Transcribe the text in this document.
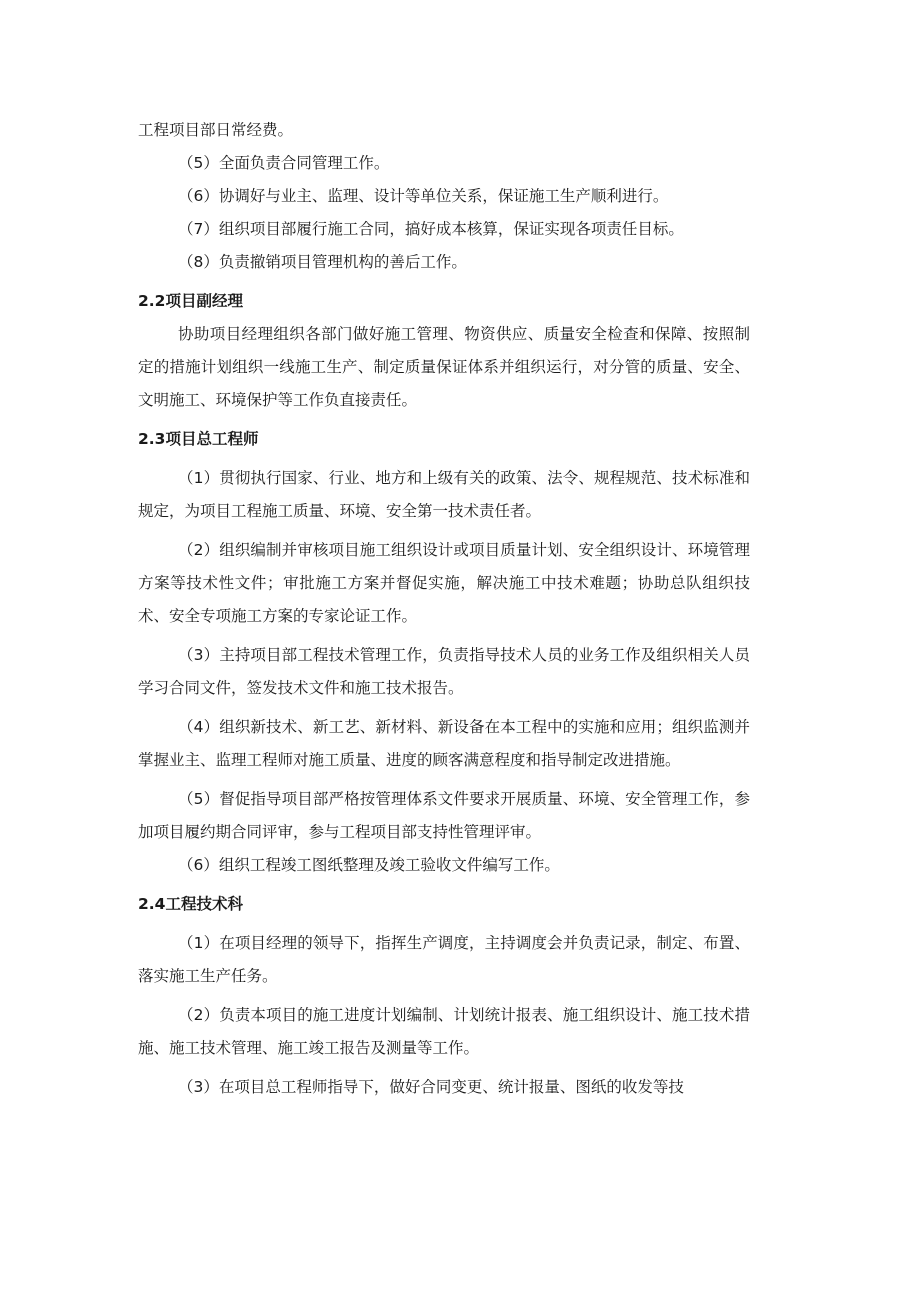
工程项目部日常经费。

（5）全面负责合同管理工作。

（6）协调好与业主、监理、设计等单位关系，保证施工生产顺利进行。

（7）组织项目部履行施工合同，搞好成本核算，保证实现各项责任目标。

（8）负责撤销项目管理机构的善后工作。

2.2项目副经理

协助项目经理组织各部门做好施工管理、物资供应、质量安全检查和保障、按照制定的措施计划组织一线施工生产、制定质量保证体系并组织运行，对分管的质量、安全、文明施工、环境保护等工作负直接责任。

2.3项目总工程师

（1）贯彻执行国家、行业、地方和上级有关的政策、法令、规程规范、技术标准和规定，为项目工程施工质量、环境、安全第一技术责任者。

（2）组织编制并审核项目施工组织设计或项目质量计划、安全组织设计、环境管理方案等技术性文件；审批施工方案并督促实施，解决施工中技术难题；协助总队组织技术、安全专项施工方案的专家论证工作。

（3）主持项目部工程技术管理工作，负责指导技术人员的业务工作及组织相关人员学习合同文件，签发技术文件和施工技术报告。

（4）组织新技术、新工艺、新材料、新设备在本工程中的实施和应用；组织监测并掌握业主、监理工程师对施工质量、进度的顾客满意程度和指导制定改进措施。

（5）督促指导项目部严格按管理体系文件要求开展质量、环境、安全管理工作，参加项目履约期合同评审，参与工程项目部支持性管理评审。

（6）组织工程竣工图纸整理及竣工验收文件编写工作。

2.4工程技术科

（1）在项目经理的领导下，指挥生产调度，主持调度会并负责记录，制定、布置、落实施工生产任务。

（2）负责本项目的施工进度计划编制、计划统计报表、施工组织设计、施工技术措施、施工技术管理、施工竣工报告及测量等工作。

（3）在项目总工程师指导下，做好合同变更、统计报量、图纸的收发等技
